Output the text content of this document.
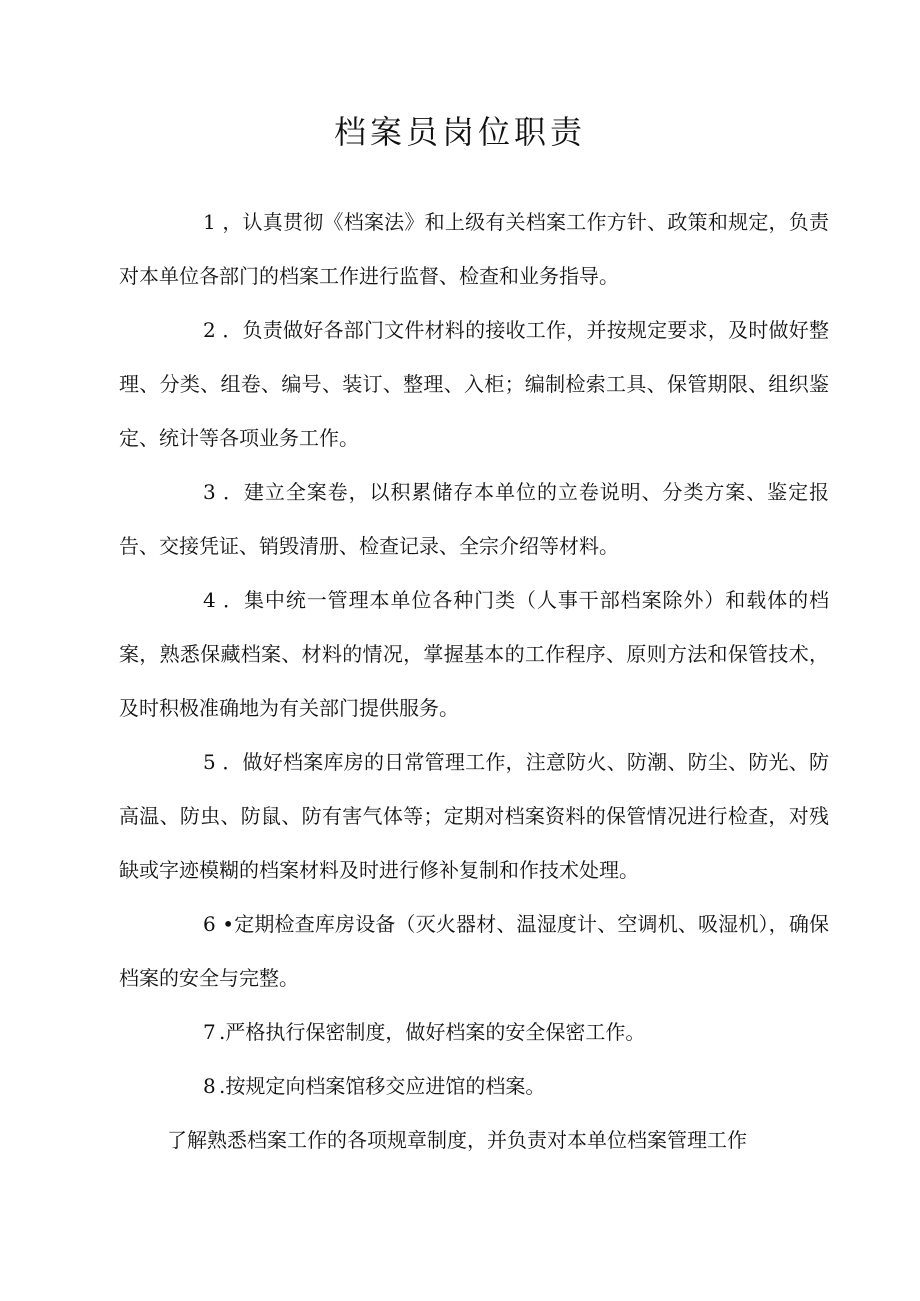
档案员岗位职责

1 ，认真贯彻《档案法》和上级有关档案工作方针、政策和规定，负责对本单位各部门的档案工作进行监督、检查和业务指导。

2 ．负责做好各部门文件材料的接收工作，并按规定要求，及时做好整理、分类、组卷、编号、装订、整理、入柜；编制检索工具、保管期限、组织鉴定、统计等各项业务工作。

3 ．建立全案卷，以积累储存本单位的立卷说明、分类方案、鉴定报告、交接凭证、销毁清册、检查记录、全宗介绍等材料。

4 ．集中统一管理本单位各种门类（人事干部档案除外）和载体的档案，熟悉保藏档案、材料的情况，掌握基本的工作程序、原则方法和保管技术，及时积极准确地为有关部门提供服务。

5 ．做好档案库房的日常管理工作，注意防火、防潮、防尘、防光、防高温、防虫、防鼠、防有害气体等；定期对档案资料的保管情况进行检查，对残缺或字迹模糊的档案材料及时进行修补复制和作技术处理。

6 •定期检查库房设备（灭火器材、温湿度计、空调机、吸湿机），确保档案的安全与完整。

7 .严格执行保密制度，做好档案的安全保密工作。

8 .按规定向档案馆移交应进馆的档案。

了解熟悉档案工作的各项规章制度，并负责对本单位档案管理工作
